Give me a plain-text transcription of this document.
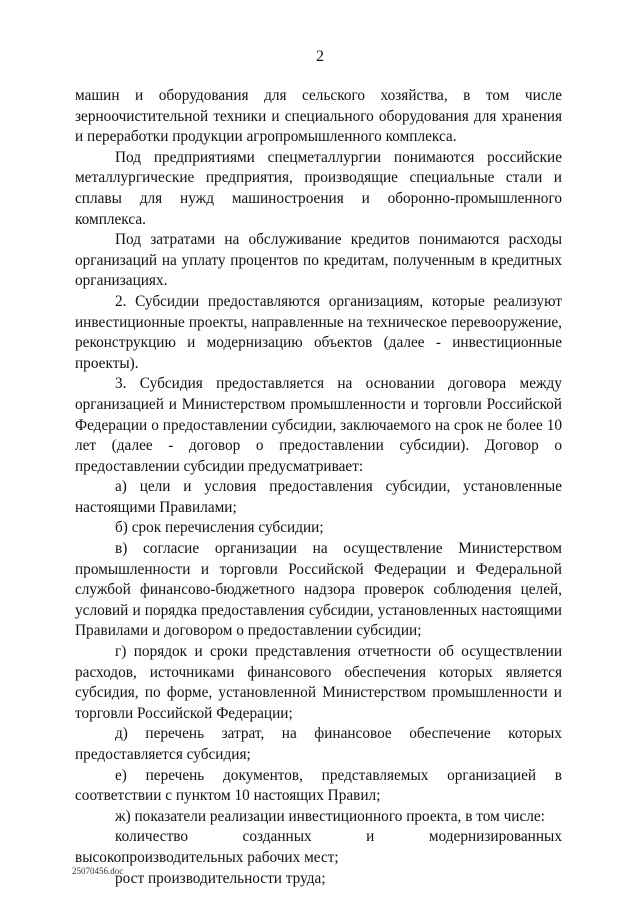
2

машин и оборудования для сельского хозяйства, в том числе зерноочистительной техники и специального оборудования для хранения и переработки продукции агропромышленного комплекса.

Под предприятиями спецметаллургии понимаются российские металлургические предприятия, производящие специальные стали и сплавы для нужд машиностроения и оборонно-промышленного комплекса.

Под затратами на обслуживание кредитов понимаются расходы организаций на уплату процентов по кредитам, полученным в кредитных организациях.

2. Субсидии предоставляются организациям, которые реализуют инвестиционные проекты, направленные на техническое перевооружение, реконструкцию и модернизацию объектов (далее - инвестиционные проекты).

3. Субсидия предоставляется на основании договора между организацией и Министерством промышленности и торговли Российской Федерации о предоставлении субсидии, заключаемого на срок не более 10 лет (далее - договор о предоставлении субсидии). Договор о предоставлении субсидии предусматривает:

а) цели и условия предоставления субсидии, установленные настоящими Правилами;

б) срок перечисления субсидии;

в) согласие организации на осуществление Министерством промышленности и торговли Российской Федерации и Федеральной службой финансово-бюджетного надзора проверок соблюдения целей, условий и порядка предоставления субсидии, установленных настоящими Правилами и договором о предоставлении субсидии;

г) порядок и сроки представления отчетности об осуществлении расходов, источниками финансового обеспечения которых является субсидия, по форме, установленной Министерством промышленности и торговли Российской Федерации;

д) перечень затрат, на финансовое обеспечение которых предоставляется субсидия;

е) перечень документов, представляемых организацией в соответствии с пунктом 10 настоящих Правил;

ж) показатели реализации инвестиционного проекта, в том числе:

количество созданных и модернизированных высокопроизводительных рабочих мест;

рост производительности труда;

25070456.doc
